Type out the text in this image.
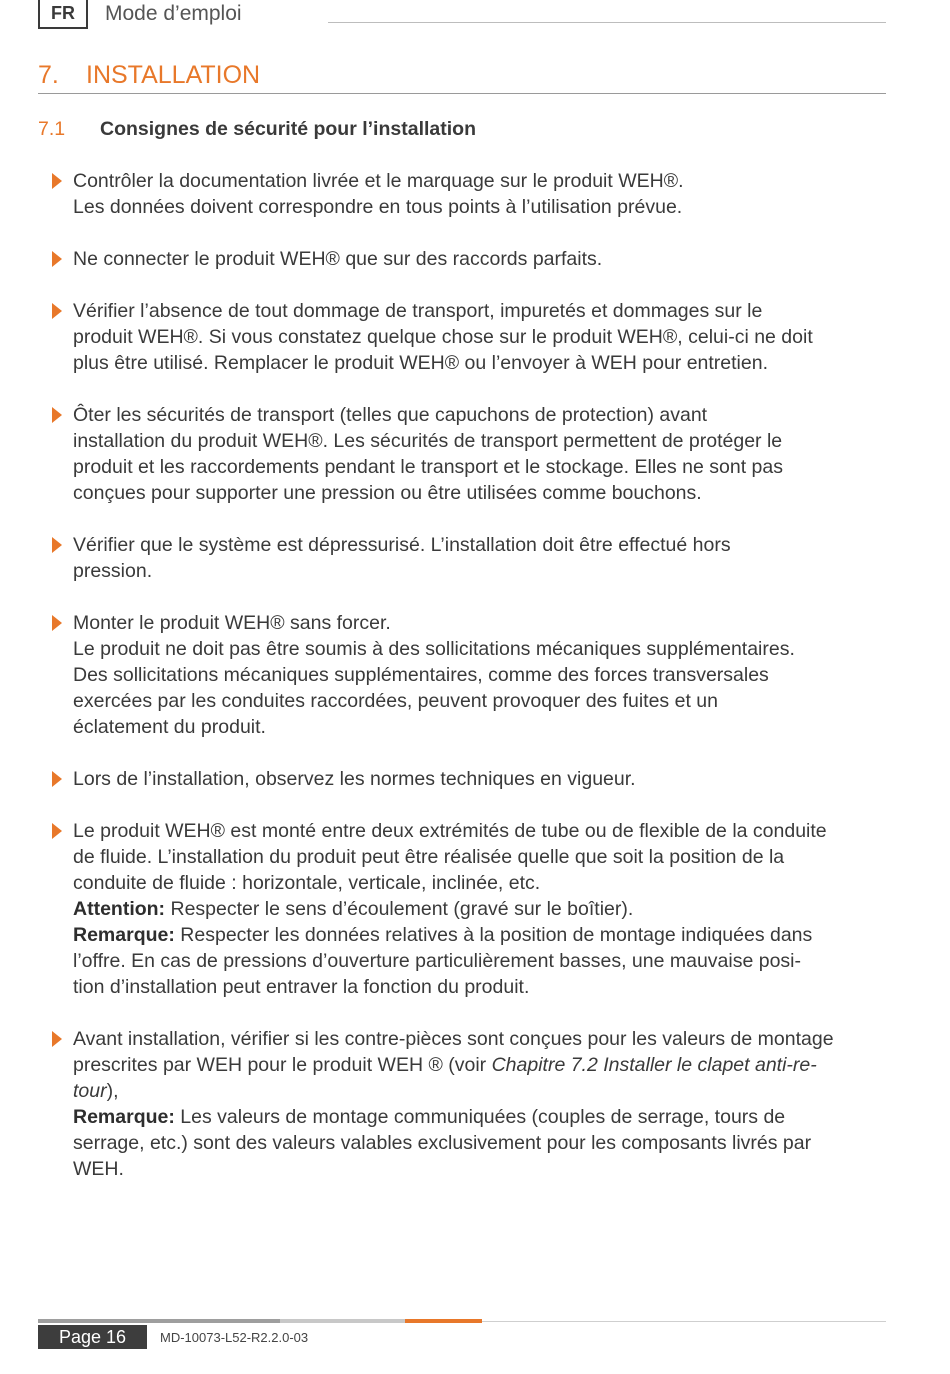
FR	Mode d’emploi
7. INSTALLATION
7.1 Consignes de sécurité pour l’installation
Contrôler la documentation livrée et le marquage sur le produit WEH®.
Les données doivent correspondre en tous points à l’utilisation prévue.
Ne connecter le produit WEH® que sur des raccords parfaits.
Vérifier l’absence de tout dommage de transport, impuretés et dommages sur le
produit WEH®. Si vous constatez quelque chose sur le produit WEH®, celui-ci ne doit
plus être utilisé. Remplacer le produit WEH® ou l’envoyer à WEH pour entretien.
Ôter les sécurités de transport (telles que capuchons de protection) avant
installation du produit WEH®. Les sécurités de transport permettent de protéger le
produit et les raccordements pendant le transport et le stockage. Elles ne sont pas
conçues pour supporter une pression ou être utilisées comme bouchons.
Vérifier que le système est dépressurisé. L’installation doit être effectué hors
pression.
Monter le produit WEH® sans forcer.
Le produit ne doit pas être soumis à des sollicitations mécaniques supplémentaires.
Des sollicitations mécaniques supplémentaires, comme des forces transversales
exercées par les conduites raccordées, peuvent provoquer des fuites et un
éclatement du produit.
Lors de l’installation, observez les normes techniques en vigueur.
Le produit WEH® est monté entre deux extrémités de tube ou de flexible de la conduite
de fluide. L’installation du produit peut être réalisée quelle que soit la position de la
conduite de fluide : horizontale, verticale, inclinée, etc.
Attention: Respecter le sens d’écoulement (gravé sur le boîtier).
Remarque: Respecter les données relatives à la position de montage indiquées dans
l’offre. En cas de pressions d’ouverture particulièrement basses, une mauvaise posi-
tion d’installation peut entraver la fonction du produit.
Avant installation, vérifier si les contre-pièces sont conçues pour les valeurs de montage
prescrites par WEH pour le produit WEH ® (voir Chapitre 7.2 Installer le clapet anti-re-
tour),
Remarque: Les valeurs de montage communiquées (couples de serrage, tours de
serrage, etc.) sont des valeurs valables exclusivement pour les composants livrés par
WEH.
Page 16	MD-10073-L52-R2.2.0-03
